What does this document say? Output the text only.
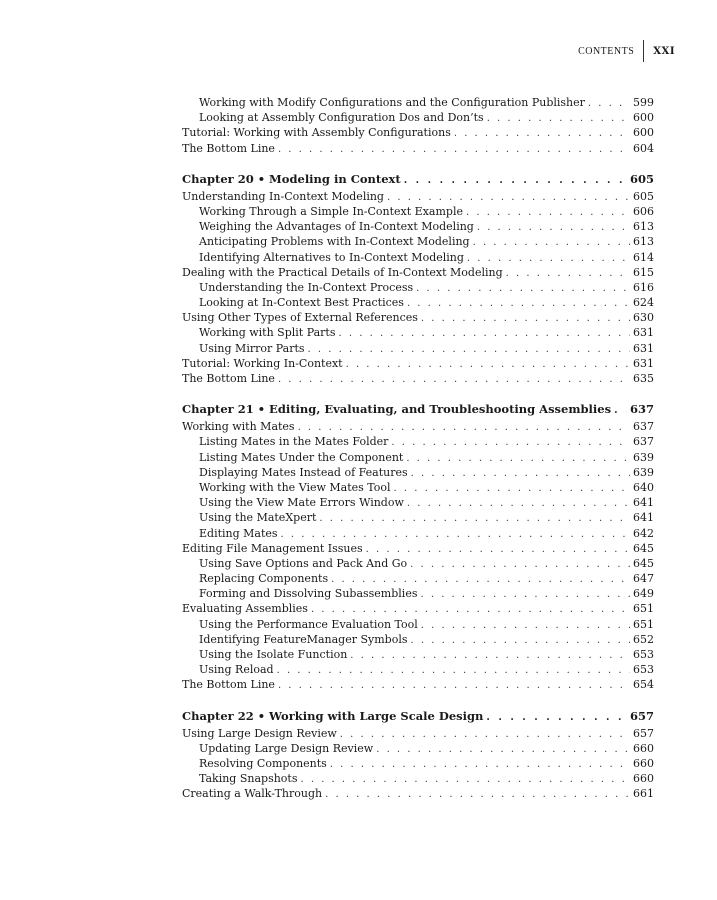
CONTENTS	XXI
Working with Modify Configurations and the Configuration Publisher . . .	599
Looking at Assembly Configuration Dos and Don’ts . . .	600
Tutorial: Working with Assembly Configurations . . .	600
The Bottom Line . . .	604
Chapter 20 • Modeling in Context . . .	605
Understanding In-Context Modeling . . .	605
Working Through a Simple In-Context Example . . .	606
Weighing the Advantages of In-Context Modeling . . .	613
Anticipating Problems with In-Context Modeling . . .	613
Identifying Alternatives to In-Context Modeling . . .	614
Dealing with the Practical Details of In-Context Modeling . . .	615
Understanding the In-Context Process . . .	616
Looking at In-Context Best Practices . . .	624
Using Other Types of External References . . .	630
Working with Split Parts . . .	631
Using Mirror Parts . . .	631
Tutorial: Working In-Context . . .	631
The Bottom Line . . .	635
Chapter 21 • Editing, Evaluating, and Troubleshooting Assemblies . . . 637
Working with Mates . . .	637
Listing Mates in the Mates Folder . . .	637
Listing Mates Under the Component . . .	639
Displaying Mates Instead of Features . . .	639
Working with the View Mates Tool . . .	640
Using the View Mate Errors Window . . .	641
Using the MateXpert . . .	641
Editing Mates . . .	642
Editing File Management Issues . . .	645
Using Save Options and Pack And Go . . .	645
Replacing Components . . .	647
Forming and Dissolving Subassemblies . . .	649
Evaluating Assemblies . . .	651
Using the Performance Evaluation Tool . . .	651
Identifying FeatureManager Symbols . . .	652
Using the Isolate Function . . .	653
Using Reload . . .	653
The Bottom Line . . .	654
Chapter 22 • Working with Large Scale Design . . .	657
Using Large Design Review . . .	657
Updating Large Design Review . . .	660
Resolving Components . . .	660
Taking Snapshots . . .	660
Creating a Walk-Through . . .	661
